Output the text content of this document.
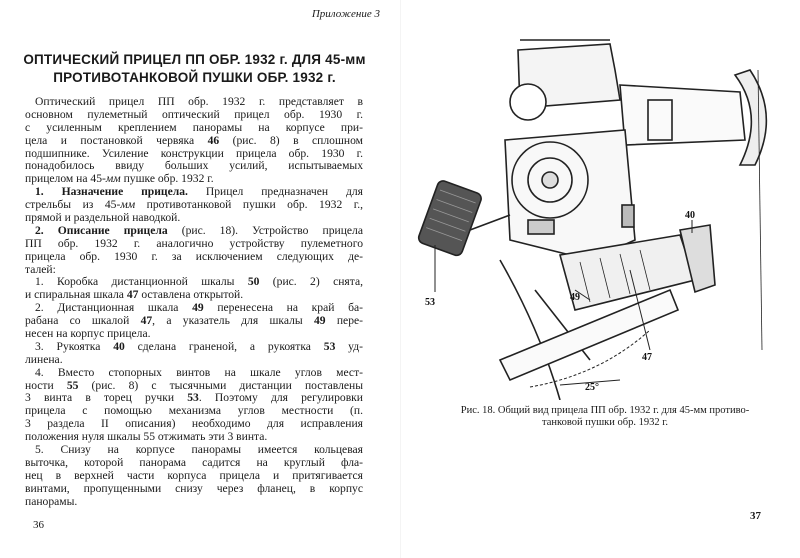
Приложение 3
ОПТИЧЕСКИЙ ПРИЦЕЛ ПП ОБР. 1932 г. ДЛЯ 45-мм
ПРОТИВОТАНКОВОЙ ПУШКИ ОБР. 1932 г.
Оптический прицел ПП обр. 1932 г. представляет в
основном пулеметный оптический прицел обр. 1930 г.
с усиленным креплением панорамы на корпусе при-
цела и постановкой червяка 46 (рис. 8) в сплошном
подшипнике. Усиление конструкции прицела обр. 1930 г.
понадобилось ввиду больших усилий, испытываемых
прицелом на 45-мм пушке обр. 1932 г.
1. Назначение прицела. Прицел предназначен для
стрельбы из 45-мм противотанковой пушки обр. 1932 г.,
прямой и раздельной наводкой.
2. Описание прицела (рис. 18). Устройство прицела
ПП обр. 1932 г. аналогично устройству пулеметного
прицела обр. 1930 г. за исключением следующих де-
талей:
1. Коробка дистанционной шкалы 50 (рис. 2) снята,
и спиральная шкала 47 оставлена открытой.
2. Дистанционная шкала 49 перенесена на край ба-
рабана со шкалой 47, а указатель для шкалы 49 пере-
несен на корпус прицела.
3. Рукоятка 40 сделана граненой, а рукоятка 53 уд-
линена.
4. Вместо стопорных винтов на шкале углов мест-
ности 55 (рис. 8) с тысячными дистанции поставлены
3 винта в торец ручки 53. Поэтому для регулировки
прицела с помощью механизма углов местности (п.
3 раздела II описания) необходимо для исправления
положения нуля шкалы 55 отжимать эти 3 винта.
5. Снизу на корпусе панорамы имеется кольцевая
выточка, которой панорама садится на круглый фла-
нец в верхней части корпуса прицела и притягивается
винтами, пропущенными снизу через фланец, в корпус
панорамы.
36
53
40
49
47
25°
Рис. 18. Общий вид прицела ПП обр. 1932 г. для 45-мм противо-
танковой пушки обр. 1932 г.
37
